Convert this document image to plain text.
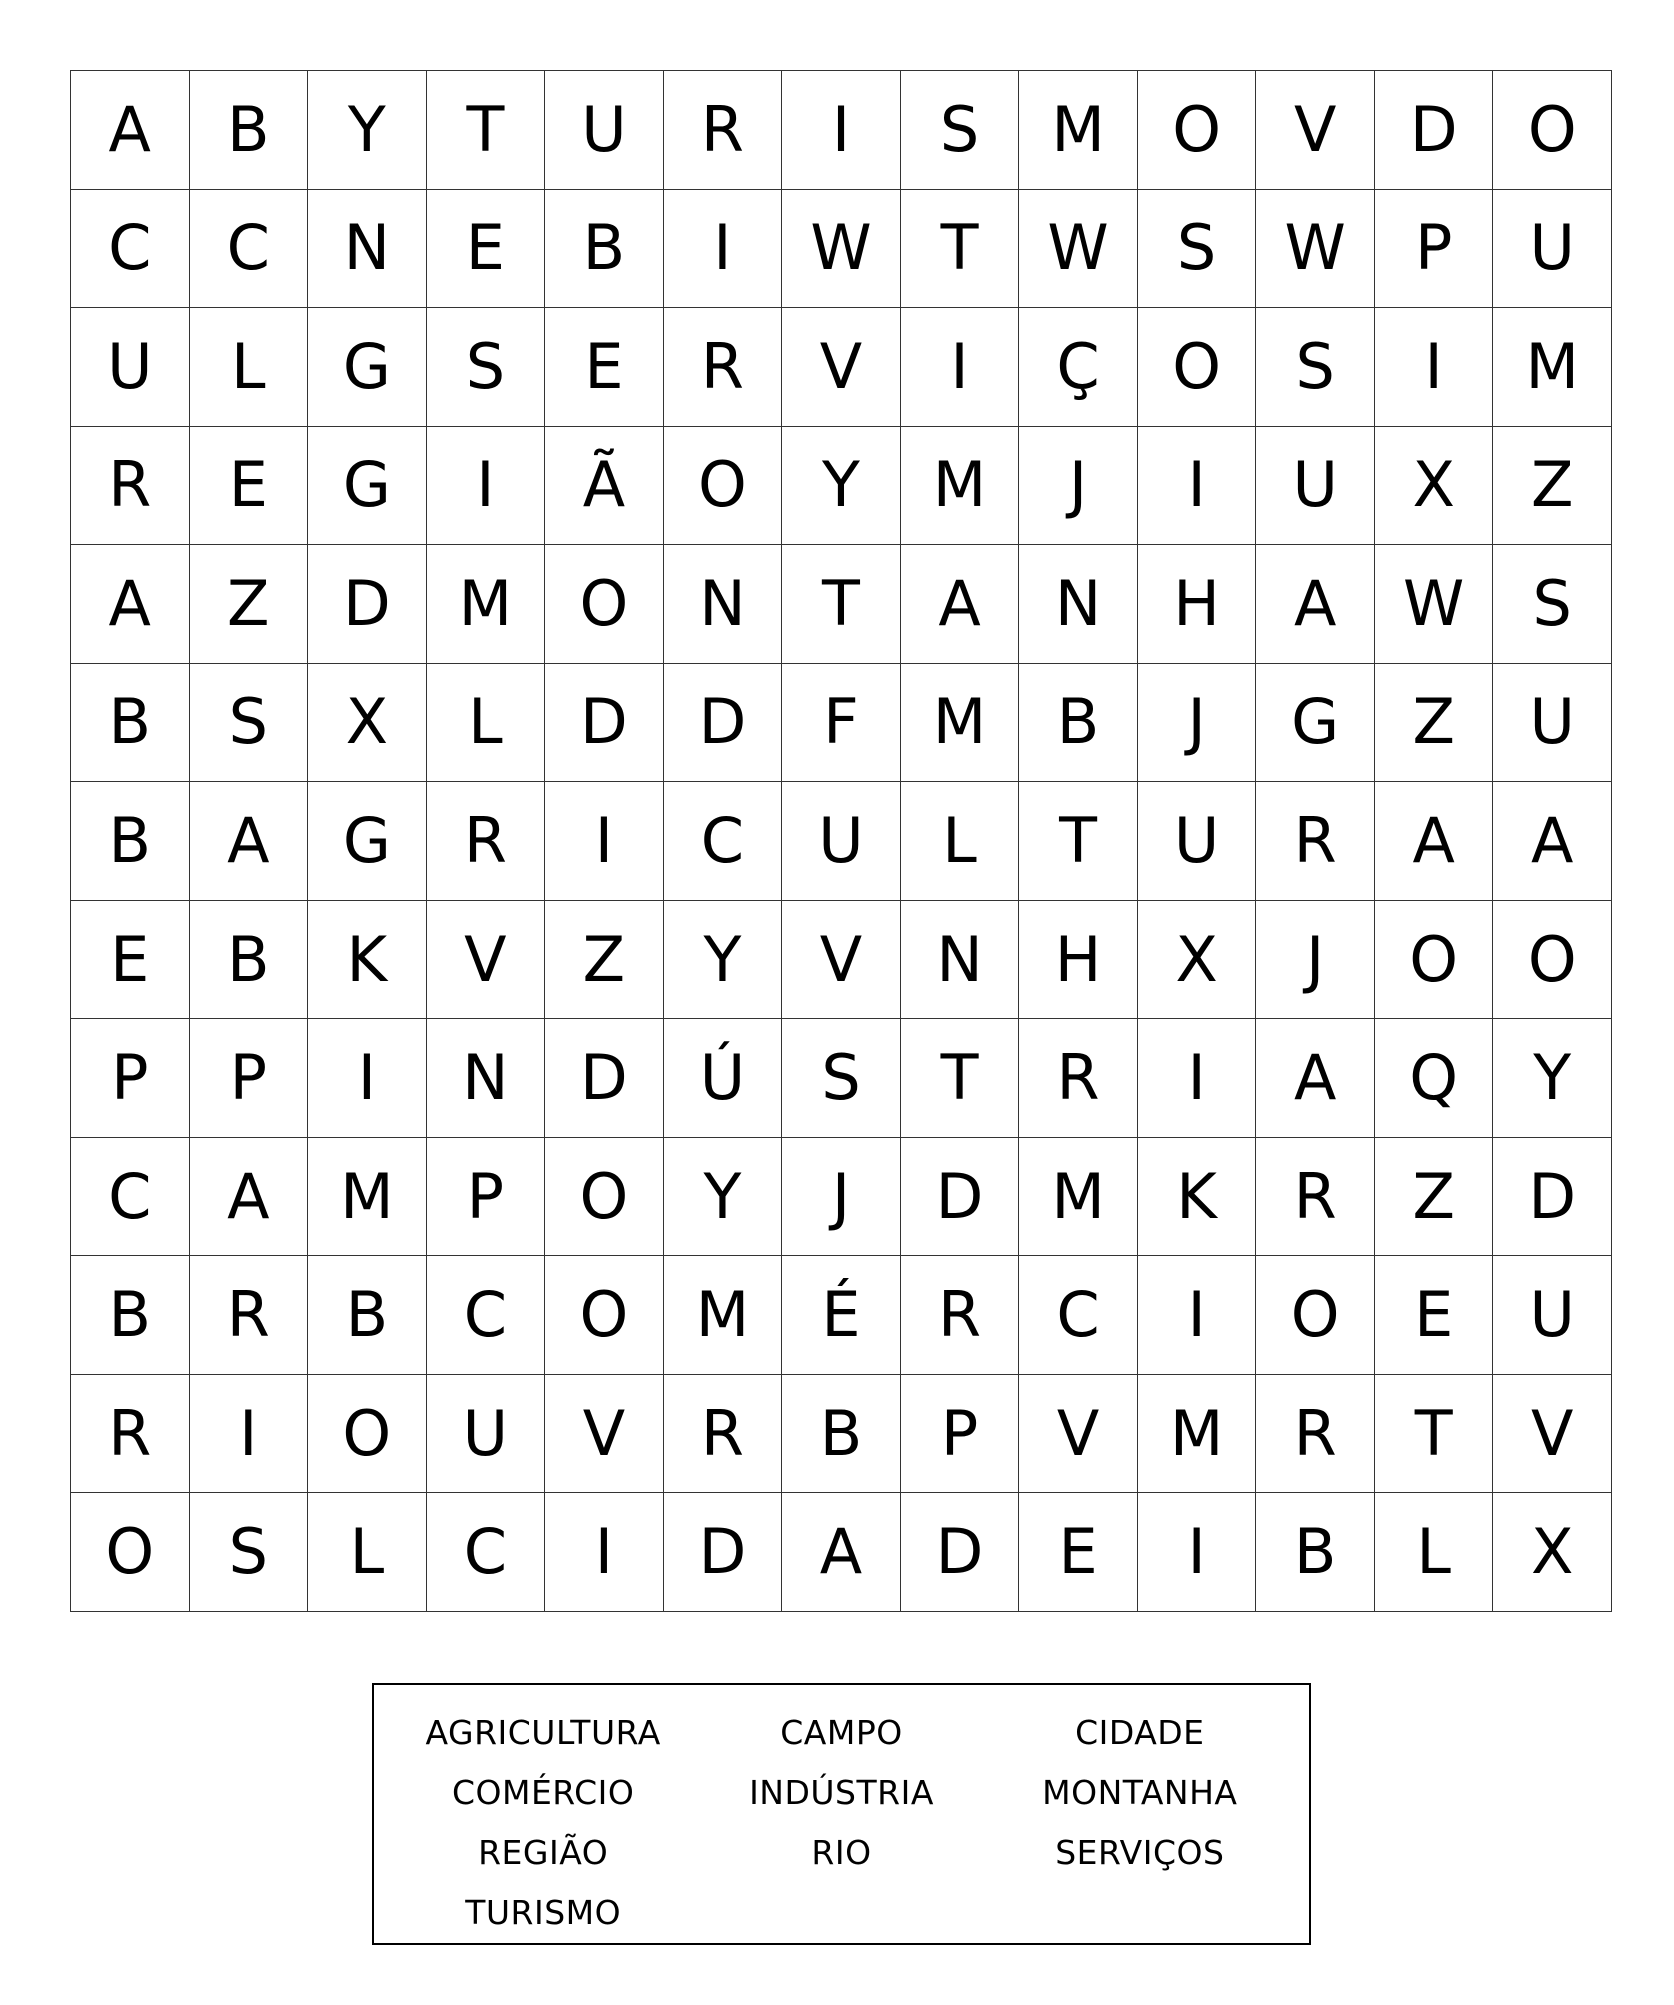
A	B	Y	T	U	R	I	S	M	O	V	D	O
C	C	N	E	B	I	W	T	W	S	W	P	U
U	L	G	S	E	R	V	I	Ç	O	S	I	M
R	E	G	I	Ã	O	Y	M	J	I	U	X	Z
A	Z	D	M	O	N	T	A	N	H	A	W	S
B	S	X	L	D	D	F	M	B	J	G	Z	U
B	A	G	R	I	C	U	L	T	U	R	A	A
E	B	K	V	Z	Y	V	N	H	X	J	O	O
P	P	I	N	D	Ú	S	T	R	I	A	Q	Y
C	A	M	P	O	Y	J	D	M	K	R	Z	D
B	R	B	C	O	M	É	R	C	I	O	E	U
R	I	O	U	V	R	B	P	V	M	R	T	V
O	S	L	C	I	D	A	D	E	I	B	L	X
AGRICULTURA
COMÉRCIO
REGIÃO
TURISMO
CAMPO
INDÚSTRIA
RIO
CIDADE
MONTANHA
SERVIÇOS
